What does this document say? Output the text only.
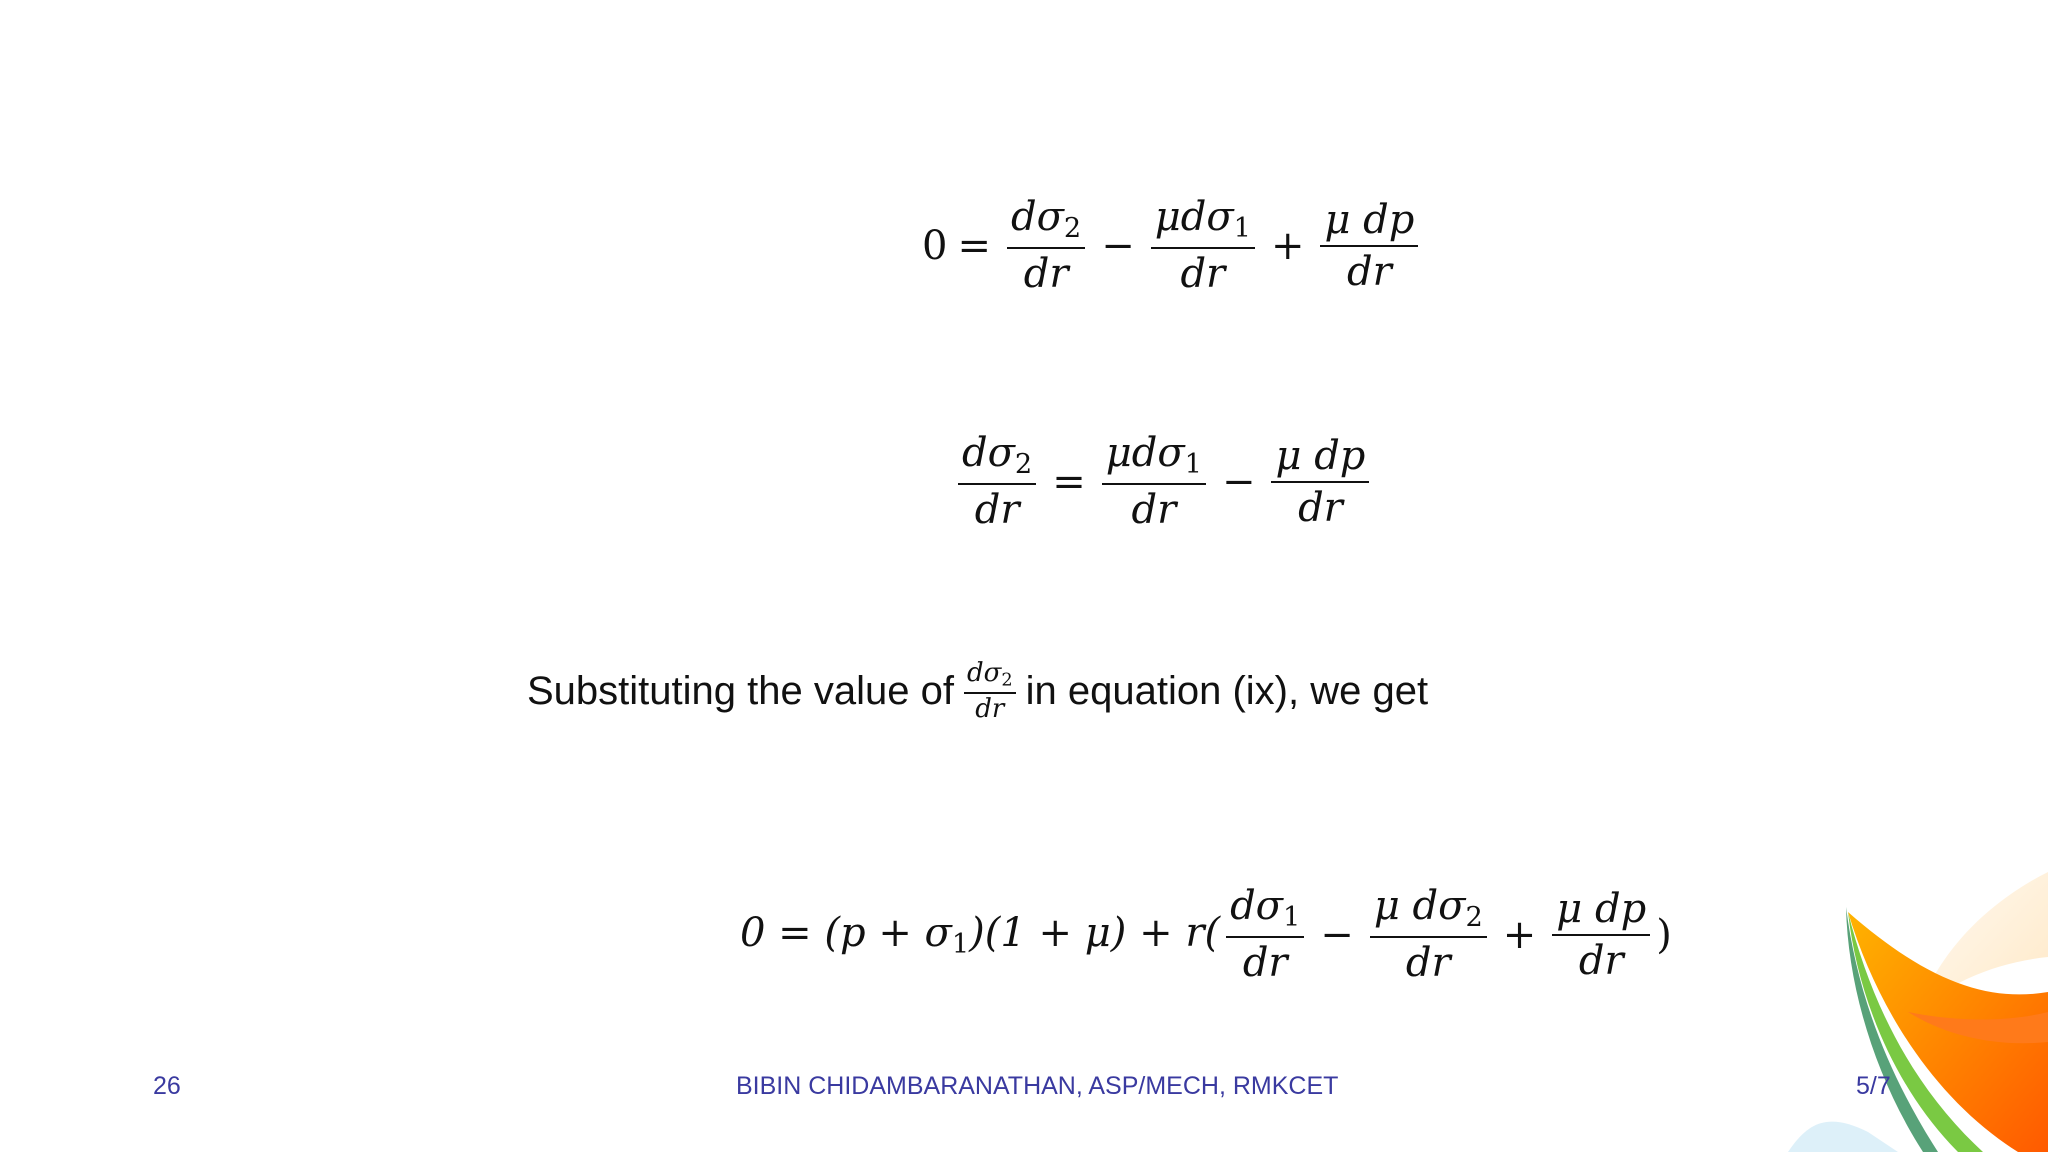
$0 = \frac{d\sigma_2}{dr} - \frac{\mu d\sigma_1}{dr} + \frac{\text{μ dp}}{dr}$
$\frac{d\sigma_2}{dr} = \frac{\mu d\sigma_1}{dr} - \frac{\text{μ dp}}{dr}$
Substituting the value of $\frac{d\sigma_2}{dr}$ in equation (ix), we get
$0 = (p + \sigma_1)(1 + \mu) + r( \frac{d\sigma_1}{dr} - \frac{\mu d\sigma_2}{dr} + \frac{\text{μ dp}}{dr}$ )
26	BIBIN CHIDAMBARANATHAN, ASP/MECH, RMKCET	5/7
